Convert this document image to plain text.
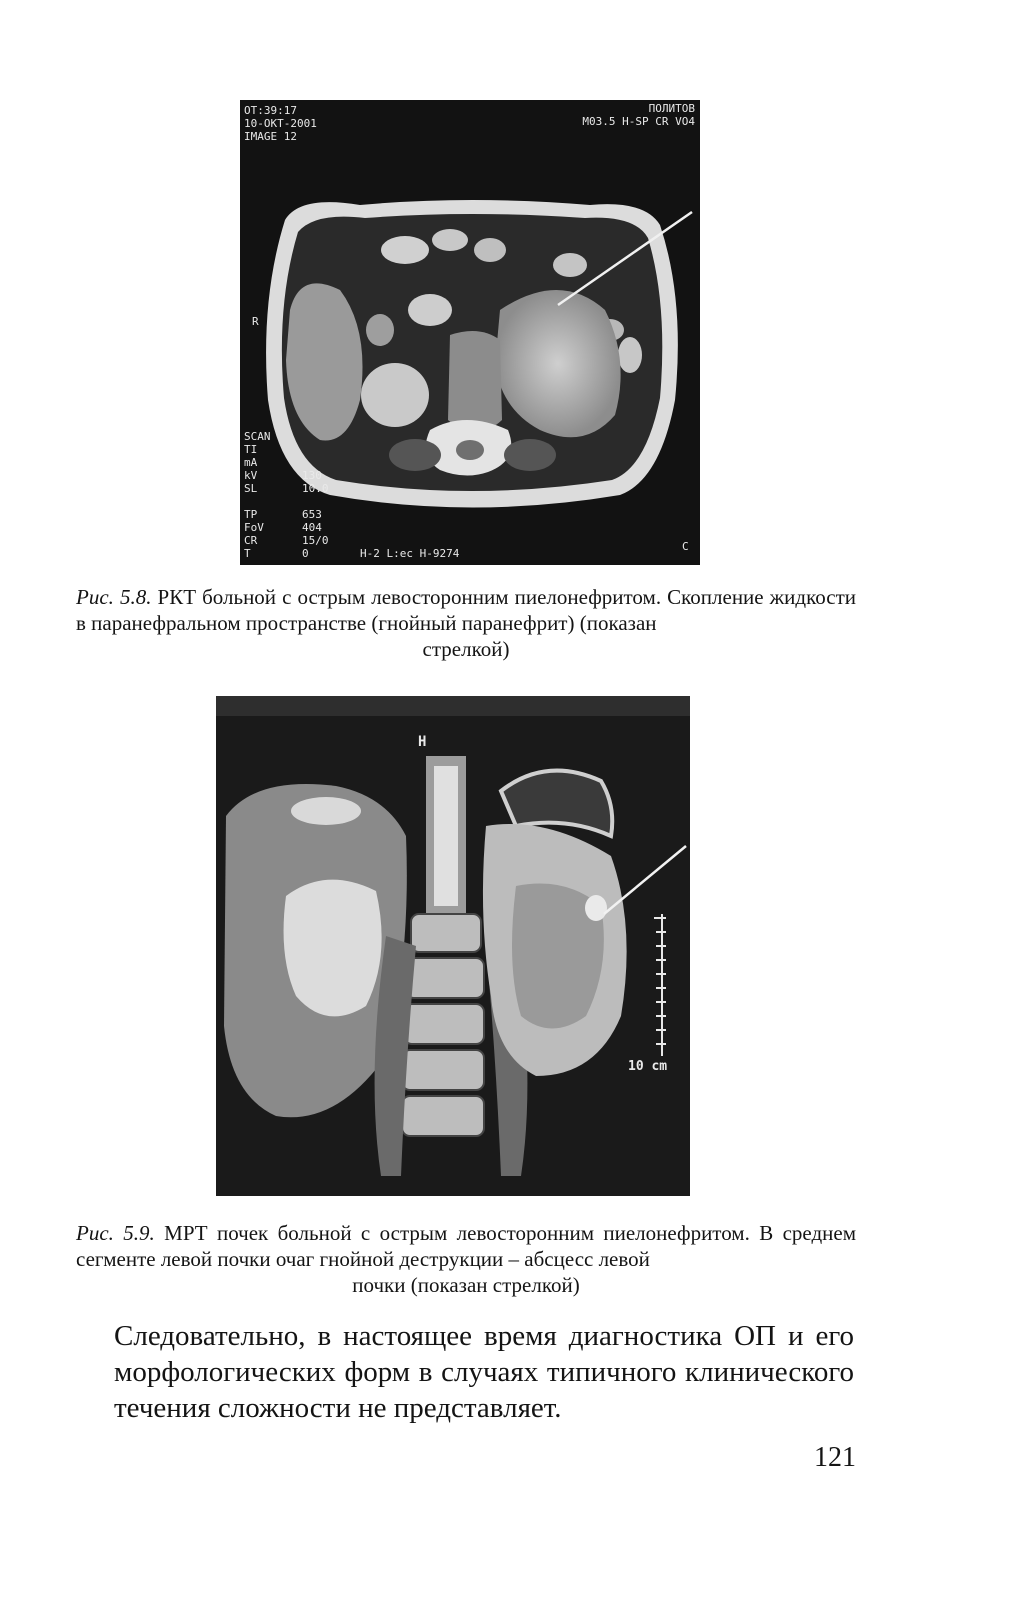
OT:39:17
10-ОКТ-2001
IMAGE 12
ПОЛИТОВ
M03.5 H-SP CR VO4
SCAN
TI
mA
kV
SL
TP
FoV
CR
T
130
10.0
653
404
15/0
0	H-2 L:ec H-9274
R
C
Рис. 5.8. РКТ больной с острым левосторонним пиелонефритом. Скопление жидкости в паранефральном пространстве (гнойный паранефрит) (показан
стрелкой)
H
10 cm
Рис. 5.9. МРТ почек больной с острым левосторонним пиелонефритом. В среднем сегменте левой почки очаг гнойной деструкции – абсцесс левой
почки (показан стрелкой)
Следовательно, в настоящее время диагностика ОП и его морфологических форм в случаях типичного клинического течения сложности не представляет.
121
